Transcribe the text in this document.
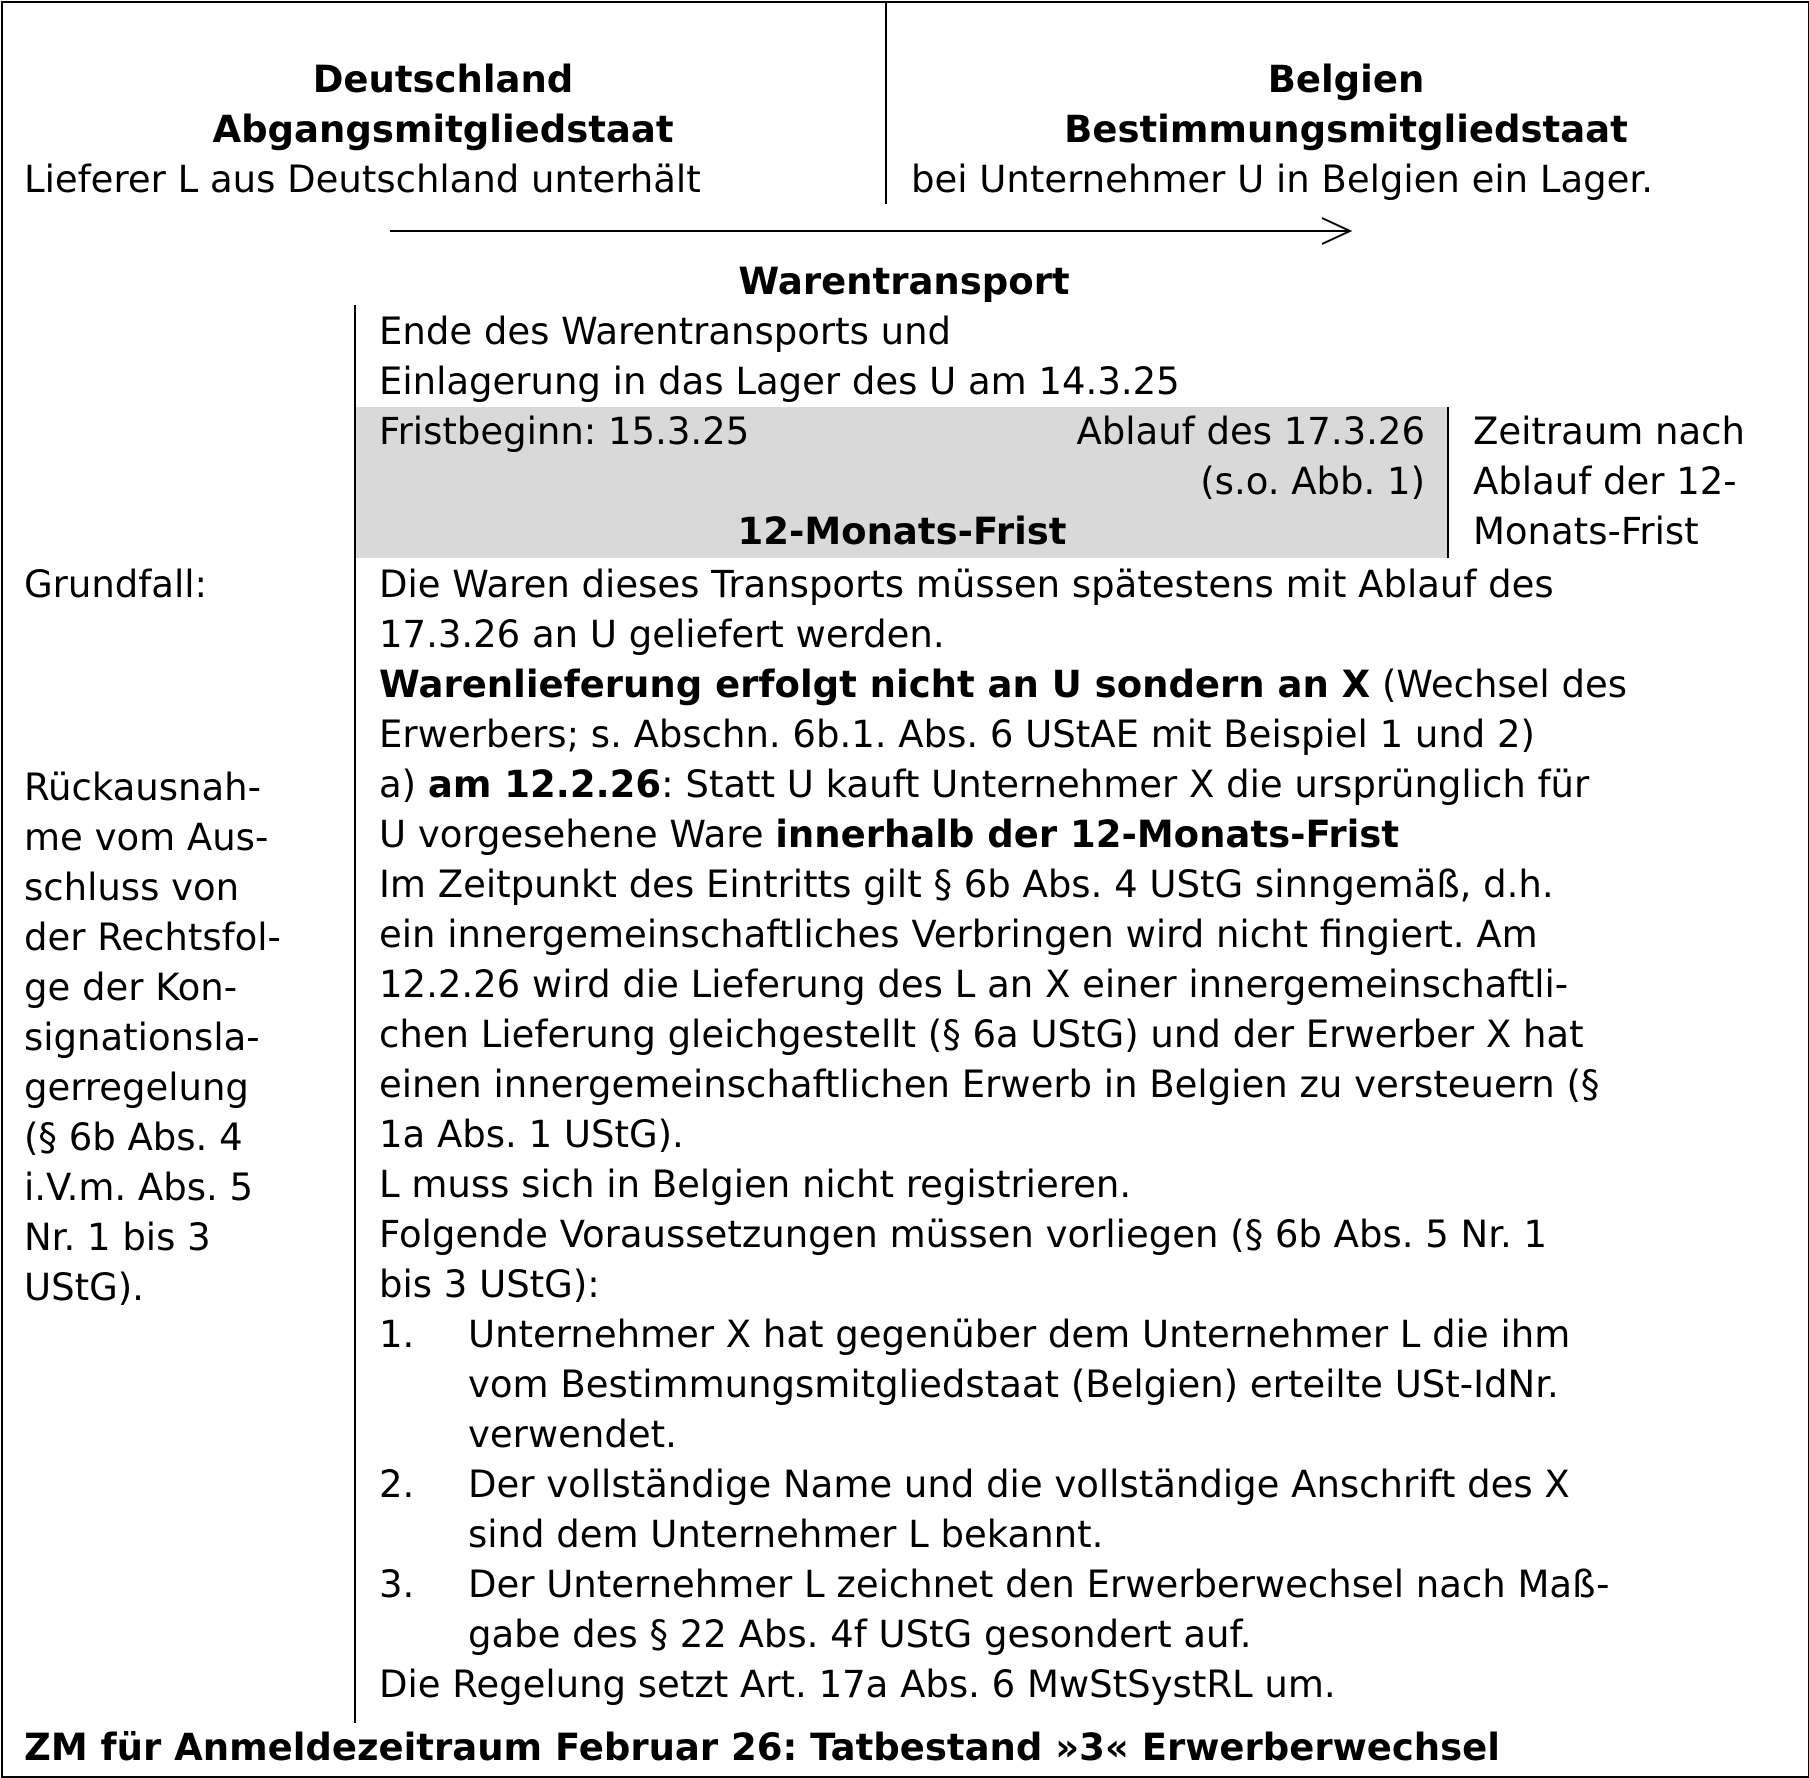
Deutschland
Abgangsmitgliedstaat
Lieferer L aus Deutschland unterhält
Belgien
Bestimmungsmitgliedstaat
bei Unternehmer U in Belgien ein Lager.
Warentransport
Ende des Warentransports und
Einlagerung in das Lager des U am 14.3.25
Fristbeginn: 15.3.25	Ablauf des 17.3.26
(s.o. Abb. 1)
12-Monats-Frist
Zeitraum nach
Ablauf der 12-
Monats-Frist
Grundfall:
Rückausnah-
me vom Aus-
schluss von
der Rechtsfol-
ge der Kon-
signationsla-
gerregelung
(§ 6b Abs. 4
i.V.m. Abs. 5
Nr. 1 bis 3
UStG).
Die Waren dieses Transports müssen spätestens mit Ablauf des
17.3.26 an U geliefert werden.
Warenlieferung erfolgt nicht an U sondern an X (Wechsel des
Erwerbers; s. Abschn. 6b.1. Abs. 6 UStAE mit Beispiel 1 und 2)
a) am 12.2.26: Statt U kauft Unternehmer X die ursprünglich für
U vorgesehene Ware innerhalb der 12-Monats-Frist
Im Zeitpunkt des Eintritts gilt § 6b Abs. 4 UStG sinngemäß, d.h.
ein innergemeinschaftliches Verbringen wird nicht fingiert. Am
12.2.26 wird die Lieferung des L an X einer innergemeinschaftli-
chen Lieferung gleichgestellt (§ 6a UStG) und der Erwerber X hat
einen innergemeinschaftlichen Erwerb in Belgien zu versteuern (§
1a Abs. 1 UStG).
L muss sich in Belgien nicht registrieren.
Folgende Voraussetzungen müssen vorliegen (§ 6b Abs. 5 Nr. 1
bis 3 UStG):
1. Unternehmer X hat gegenüber dem Unternehmer L die ihm
vom Bestimmungsmitgliedstaat (Belgien) erteilte USt-IdNr.
verwendet.
2. Der vollständige Name und die vollständige Anschrift des X
sind dem Unternehmer L bekannt.
3. Der Unternehmer L zeichnet den Erwerberwechsel nach Maß-
gabe des § 22 Abs. 4f UStG gesondert auf.
Die Regelung setzt Art. 17a Abs. 6 MwStSystRL um.
ZM für Anmeldezeitraum Februar 26: Tatbestand »3« Erwerberwechsel
